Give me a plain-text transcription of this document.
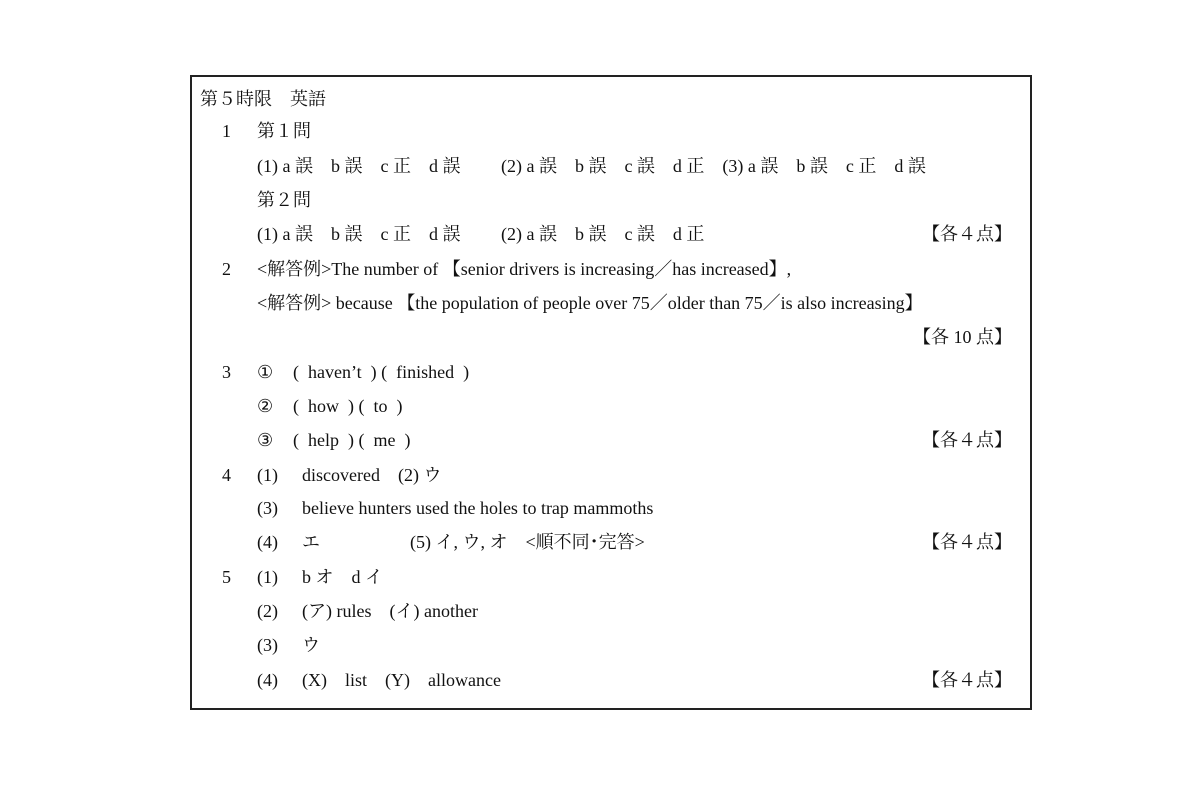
第５時限　英語
1 第１問
(1) a 誤　b 誤　c 正　d 誤　　 (2) a 誤　b 誤　c 誤　d 正　(3) a 誤　b 誤　c 正　d 誤
第２問
(1) a 誤　b 誤　c 正　d 誤　　 (2) a 誤　b 誤　c 誤　d 正	【各４点】
2 <解答例>The number of 【senior drivers is increasing／has increased】,
<解答例> because 【the population of people over 75／older than 75／is also increasing】
【各 10 点】
3 ① (  haven’t  ) (  finished  )
② (  how  ) (  to  )
③ (  help  ) (  me  )	【各４点】
4 (1) discovered　(2) ウ
(3) believe hunters used the holes to trap mammoths
(4) エ　　　　　(5) イ, ウ, オ　<順不同･完答>	【各４点】
5 (1) b オ　d イ
(2) (ア) rules　(イ) another
(3) ウ
(4) (X)　list　(Y)　allowance	【各４点】
